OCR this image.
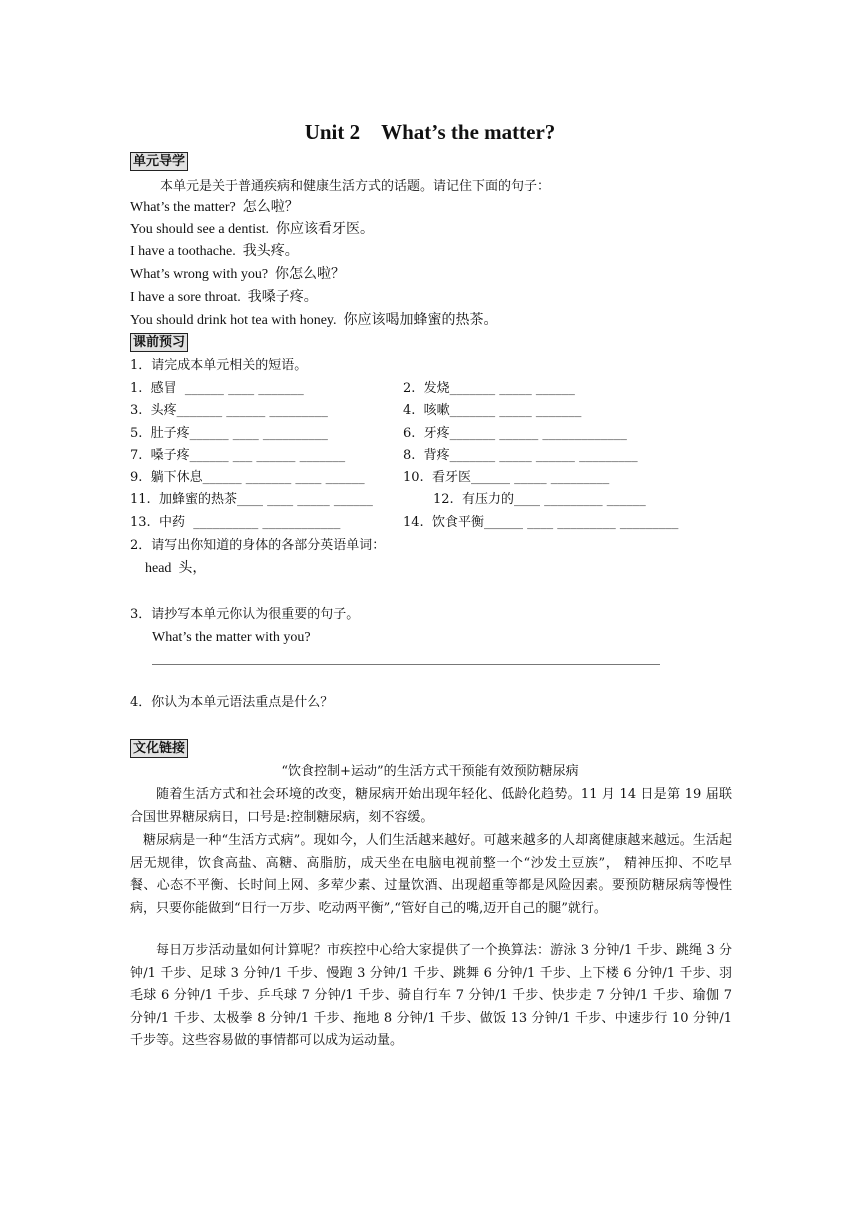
Unit 2　What’s the matter?
单元导学
本单元是关于普通疾病和健康生活方式的话题。请记住下面的句子：
What’s the matter?  怎么啦？
You should see a dentist.  你应该看牙医。
I have a toothache.  我头疼。
What’s wrong with you?  你怎么啦？
I have a sore throat.  我嗓子疼。
You should drink hot tea with honey.  你应该喝加蜂蜜的热茶。
课前预习
1．请完成本单元相关的短语。
1.  感冒  ______ ____ _______	2.  发烧_______ _____ ______
3.  头疼_______ ______ _________	4.  咳嗽_______ _____ _______
5.  肚子疼______ ____ __________	6.  牙疼_______ ______ _____________
7.  嗓子疼______ ___ ______ _______	8.  背疼_______ _____ ______ _________
9.  躺下休息______ _______ ____ ______	10.  看牙医______ _____ _________
11.  加蜂蜜的热茶____ ____ _____ ______	12.  有压力的____ _________ ______
13.  中药  __________ ____________	14.  饮食平衡______ ____ _________ _________
2．请写出你知道的身体的各部分英语单词：
head  头，
3．请抄写本单元你认为很重要的句子。
What’s the matter with you?
4．你认为本单元语法重点是什么？
文化链接
“饮食控制+运动”的生活方式干预能有效预防糖尿病
随着生活方式和社会环境的改变，糖尿病开始出现年轻化、低龄化趋势。11 月 14 日是第 19 届联合国世界糖尿病日，口号是:控制糖尿病，刻不容缓。
糖尿病是一种“生活方式病”。现如今，人们生活越来越好。可越来越多的人却离健康越来越远。生活起居无规律，饮食高盐、高糖、高脂肪，成天坐在电脑电视前整一个“沙发土豆族”， 精神压抑、不吃早餐、心态不平衡、长时间上网、多荤少素、过量饮酒、出现超重等都是风险因素。要预防糖尿病等慢性病，只要你能做到“日行一万步、吃动两平衡”,“管好自己的嘴,迈开自己的腿”就行。
每日万步活动量如何计算呢？市疾控中心给大家提供了一个换算法：游泳 3 分钟/1 千步、跳绳 3 分钟/1 千步、足球 3 分钟/1 千步、慢跑 3 分钟/1 千步、跳舞 6 分钟/1 千步、上下楼 6 分钟/1 千步、羽毛球 6 分钟/1 千步、乒乓球 7 分钟/1 千步、骑自行车 7 分钟/1 千步、快步走 7 分钟/1 千步、瑜伽 7 分钟/1 千步、太极拳 8 分钟/1 千步、拖地 8 分钟/1 千步、做饭 13 分钟/1 千步、中速步行 10 分钟/1 千步等。这些容易做的事情都可以成为运动量。
